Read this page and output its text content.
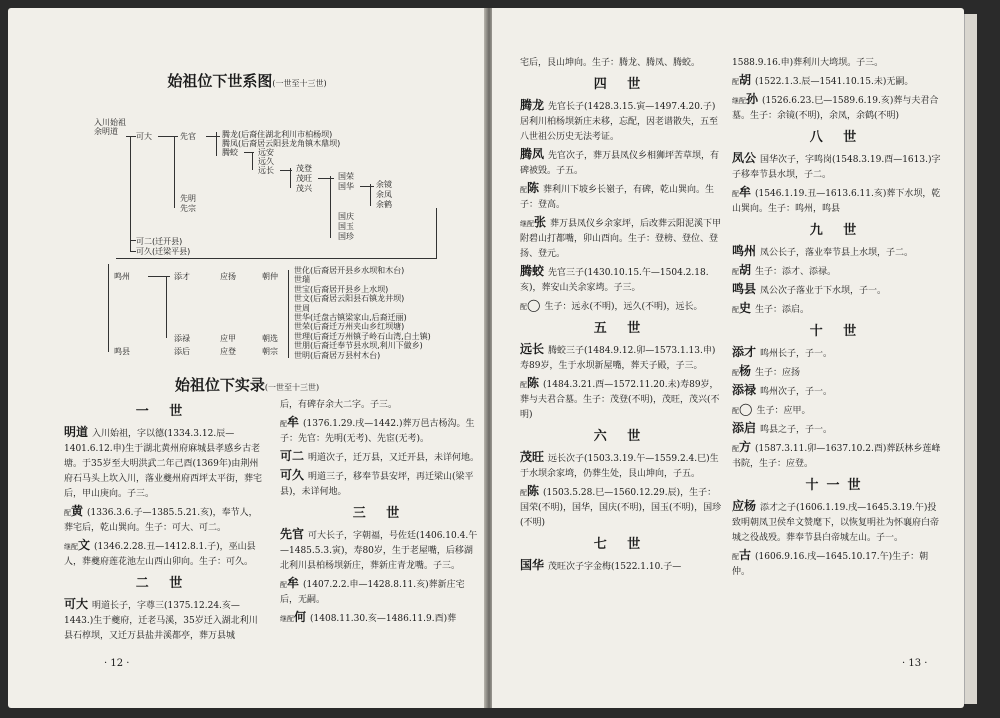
始祖位下世系图(一世至十三世)
入川始祖
余明道
可大
可二(迁开县)
可久(迁梁平县)
先官
先明
先宗
腾龙(后裔住湖北利川市柏杨坝)
腾凤(后裔居云阳县龙角镇木鼎坝)
腾蛟	远安
远久
远长	茂登
茂旺
茂兴
国荣
国华
国庆
国玉
国珍
余镜
余凤
余鹤
鸣州
鸣县
添才
添禄
添后
应扬
应甲
应登
朝仲
朝选
朝宗
世化(后裔居开县乡水坝和木台)
世瑞
世宝(后裔居开县乡上水坝)
世文(后裔居云阳县石镇龙井坝)
世周
世华(迁盘古镇梁家山,后裔迁丽)
世荣(后裔迁万州夹山乡红坝塘)
世理(后裔迁万州镇子岭石山湾,白土镇)
世朋(后裔迁奉节县水坝,利川下做乡)
世明(后裔居万县村木台)
始祖位下实录(一世至十三世)
一 世
明道 入川始祖，字以德(1334.3.12.辰—1401.6.12.申)生于湖北黄州府麻城县孝感乡古老塘。于35岁至大明洪武二年己酉(1369年)由荆州府石马头上坎入川，落业夔州府西坪太平街，葬宅后，甲山庚向。子三。
配黄 (1336.3.6.子—1385.5.21.亥)，奉节人，葬宅后，乾山巽向。生子：可大、可二。
继配文 (1346.2.28.丑—1412.8.1.子)，巫山县人，葬夔府莲花池左山西山卯向。生子：可久。
二 世
可大 明道长子，字尊三(1375.12.24.亥—1443.)生于夔府，迁老马溪，35岁迁入湖北利川县石椁坝，又迁万县盐井溪都亭，葬万县城
后，有碑存余大二字。子三。
配牟 (1376.1.29.戌—1442.)葬万邑古杨沟。生子：先官：先明(无考)、先宦(无考)。
可二 明道次子，迁万县，又迁开县，未详何地。
可久 明道三子，移奉节县安坪，再迁梁山(梁平县)，未详何地。
三 世
先官 可大长子，字朝福，号佐廷(1406.10.4.午—1485.5.3.寅)，寿80岁，生于老屋嘴，后移湖北利川县柏杨坝新庄，葬新庄青龙嘴。子三。
配牟 (1407.2.2.申—1428.8.11.亥)葬新庄宅后，无嗣。
继配何 (1408.11.30.亥—1486.11.9.酉)葬
· 12 ·
宅后，艮山坤向。生子：腾龙、腾凤、腾蛟。
四 世
腾龙 先官长子(1428.3.15.寅—1497.4.20.子)居利川柏杨坝新庄未移，忘配，因老谱散失，五至八世祖公历史无法考证。
腾凤 先官次子，葬万县凤仪乡相狮坪苦草坝，有碑被毁。子五。
配陈 葬利川下坡乡长嶺子，有碑，乾山巽向。生子：登高。
继配张 葬万县凤仪乡余家坪，后改葬云阳泥溪下甲附碧山打都嘴，卯山酉向。生子：登榜、登位、登扬、登元。
腾蛟 先官三子(1430.10.15.午—1504.2.18.亥)，葬安山关余家塆。子三。
配◯ 生子：远永(不明)，远久(不明)，远长。
五 世
远长 腾蛟三子(1484.9.12.卯—1573.1.13.申)寿89岁，生于水坝新屋嘴，葬天子殿，子三。
配陈 (1484.3.21.酉—1572.11.20.未)寿89岁，葬与夫君合墓。生子：茂登(不明)，茂旺，茂兴(不明)
六 世
茂旺 远长次子(1503.3.19.午—1559.2.4.巳)生于水坝余家塆，仍葬生处，艮山坤向，子五。
配陈 (1503.5.28.巳—1560.12.29.辰)，生子：国荣(不明)，国华，国庆(不明)，国玉(不明)，国珍(不明)
七 世
国华 茂旺次子字金梅(1522.1.10.子—
1588.9.16.申)葬利川大塆坝。子三。
配胡 (1522.1.3.辰—1541.10.15.未)无嗣。
继配孙 (1526.6.23.巳—1589.6.19.亥)葬与夫君合墓。生子：余镜(不明)，余凤，余鹤(不明)
八 世
凤公 国华次子，字鸣岗(1548.3.19.酉—1613.)字子移奉节县水坝，子二。
配牟 (1546.1.19.丑—1613.6.11.亥)葬下水坝，乾山巽向。生子：鸣州，鸣县
九 世
鸣州 凤公长子，落业奉节县上水坝，子二。
配胡 生子：添才、添禄。
鸣县 凤公次子落业于下水坝，子一。
配史 生子：添启。
十 世
添才 鸣州长子，子一。
配杨 生子：应扬
添禄 鸣州次子，子一。
配◯ 生子：应甲。
添启 鸣县之子，子一。
配方 (1587.3.11.卯—1637.10.2.酉)葬跃林乡莲峰书院，生子：应登。
十一世
应杨 添才之子(1606.1.19.戌—1645.3.19.午)投致明朝凤卫侯牟文赞麾下，以恢复明社为怀襄府白帝城之役战殁。葬奉节县白帝城左山。子一。
配古 (1606.9.16.戌—1645.10.17.午)生子：朝仲。
· 13 ·
